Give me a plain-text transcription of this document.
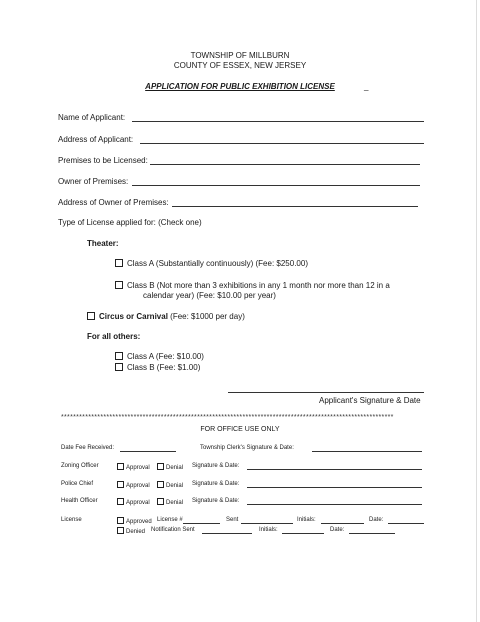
TOWNSHIP OF MILLBURN
COUNTY OF ESSEX, NEW JERSEY
APPLICATION FOR PUBLIC EXHIBITION LICENSE	_
Name of Applicant:
Address of Applicant:
Premises to be Licensed:
Owner of Premises:
Address of Owner of Premises:
Type of License applied for: (Check one)
Theater:
Class A (Substantially continuously) (Fee: $250.00)
Class B (Not more than 3 exhibitions in any 1 month nor more than 12 in a
calendar year) (Fee: $10.00 per year)
Circus or Carnival (Fee: $1000 per day)
For all others:
Class A (Fee: $10.00)
Class B (Fee: $1.00)
Applicant's Signature & Date
**************************************************************************************************************
FOR OFFICE USE ONLY
Date Fee Received:	Township Clerk's Signature & Date:
Zoning Officer	Approval	Denial Signature & Date:
Police Chief	Approval	Denial Signature & Date:
Health Officer	Approval	Denial Signature & Date:
License	Approved License #	Sent	Initials:	Date:
Denied Notification Sent	Initials:	Date:
